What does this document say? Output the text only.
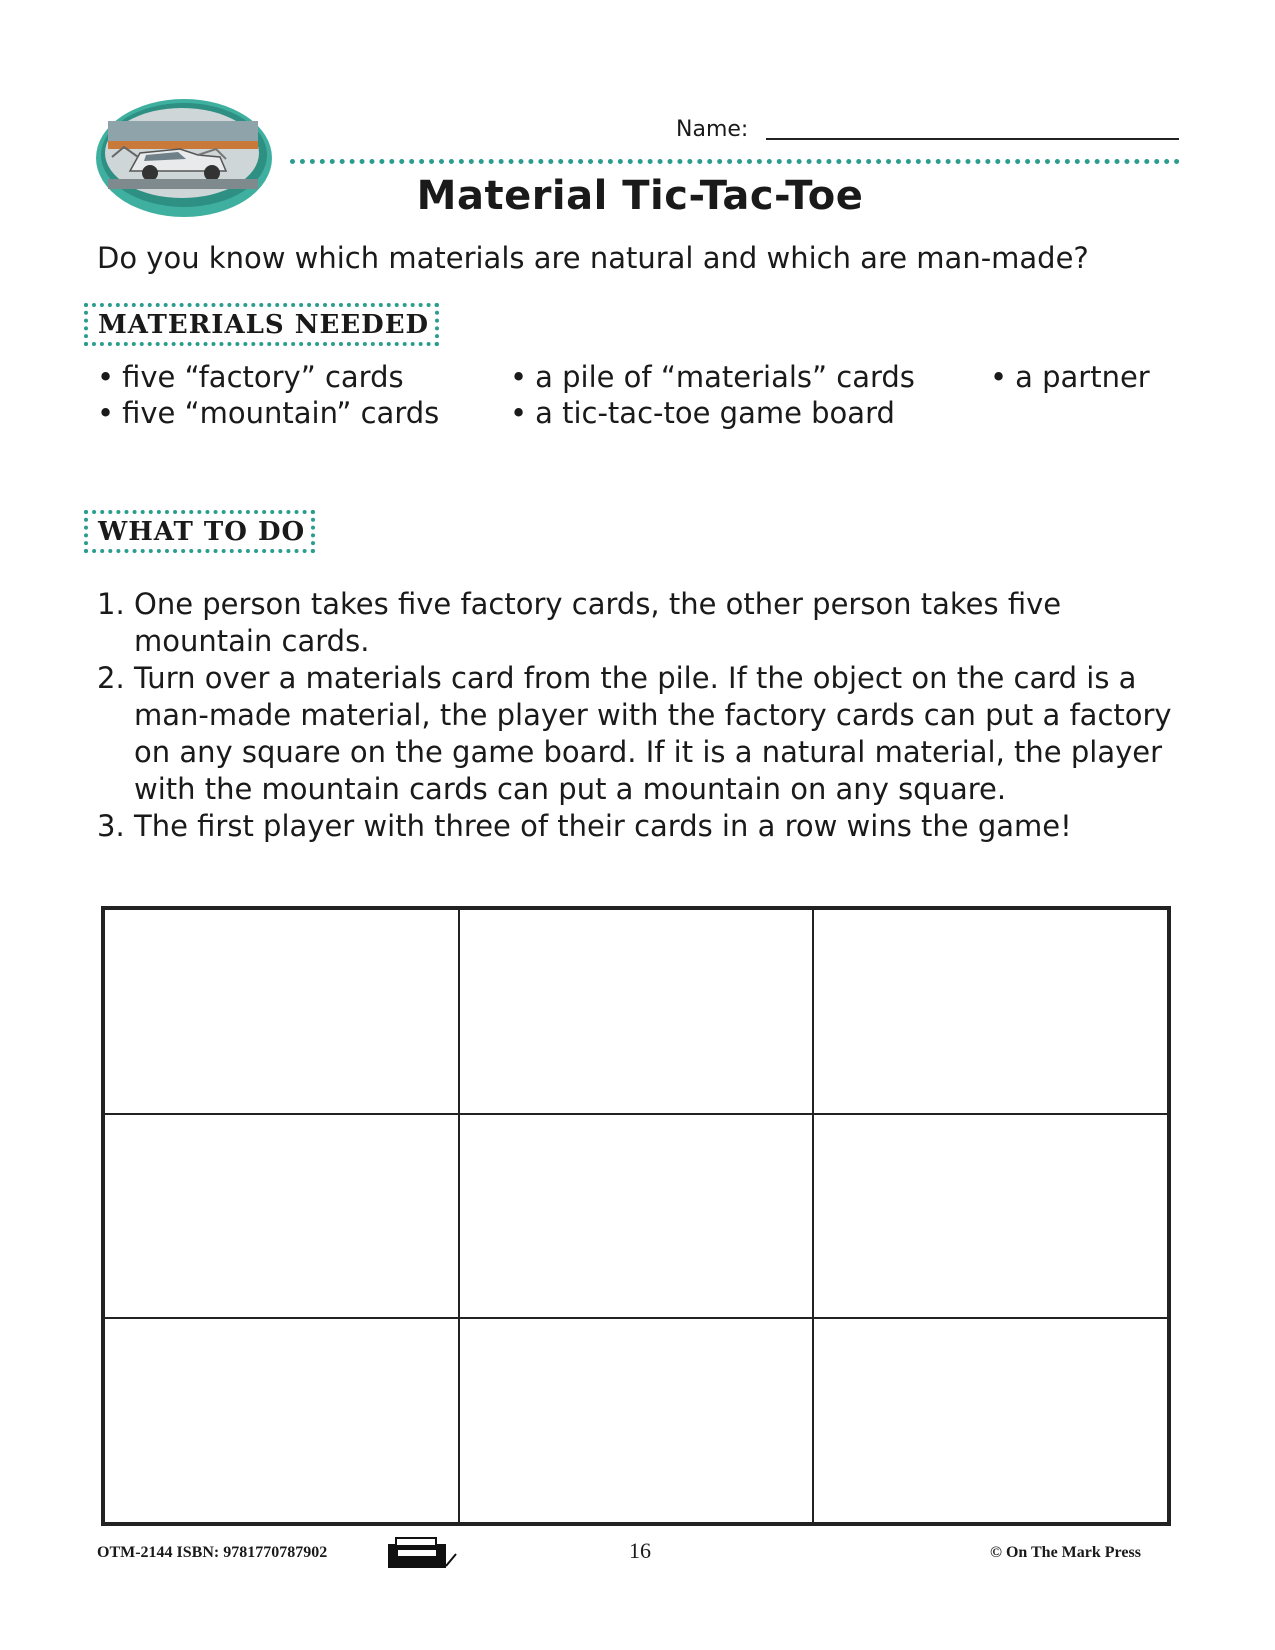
Name:
Material Tic-Tac-Toe
Do you know which materials are natural and which are man-made?
MATERIALS NEEDED
• five “factory” cards
• five “mountain” cards
• a pile of “materials” cards
• a tic-tac-toe game board
• a partner
WHAT TO DO
1. One person takes five factory cards, the other person takes five mountain cards.
2. Turn over a materials card from the pile. If the object on the card is a man-made material, the player with the factory cards can put a factory on any square on the game board. If it is a natural material, the player with the mountain cards can put a mountain on any square.
3. The first player with three of their cards in a row wins the game!
OTM-2144 ISBN: 9781770787902	16	© On The Mark Press
